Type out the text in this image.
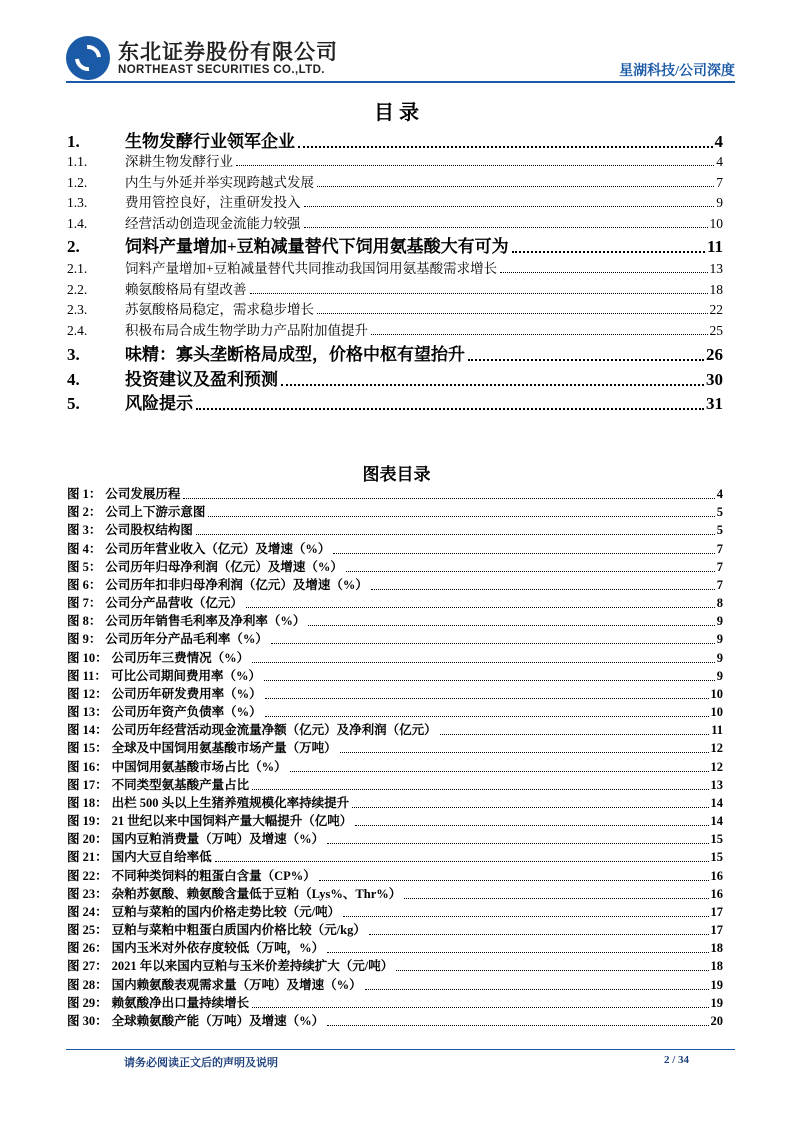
东北证券股份有限公司
NORTHEAST SECURITIES CO.,LTD.	星湖科技/公司深度
目 录
1.	生物发酵行业领军企业	4
1.1.	深耕生物发酵行业	4
1.2.	内生与外延并举实现跨越式发展	7
1.3.	费用管控良好，注重研发投入	9
1.4.	经营活动创造现金流能力较强	10
2.	饲料产量增加+豆粕减量替代下饲用氨基酸大有可为	11
2.1.	饲料产量增加+豆粕减量替代共同推动我国饲用氨基酸需求增长	13
2.2.	赖氨酸格局有望改善	18
2.3.	苏氨酸格局稳定，需求稳步增长	22
2.4.	积极布局合成生物学助力产品附加值提升	25
3.	味精：寡头垄断格局成型，价格中枢有望抬升	26
4.	投资建议及盈利预测	30
5.	风险提示	31
图表目录
图 1： 公司发展历程	4
图 2： 公司上下游示意图	5
图 3： 公司股权结构图	5
图 4： 公司历年营业收入（亿元）及增速（%）	7
图 5： 公司历年归母净利润（亿元）及增速（%）	7
图 6： 公司历年扣非归母净利润（亿元）及增速（%）	7
图 7： 公司分产品营收（亿元）	8
图 8： 公司历年销售毛利率及净利率（%）	9
图 9： 公司历年分产品毛利率（%）	9
图 10： 公司历年三费情况（%）	9
图 11： 可比公司期间费用率（%）	9
图 12： 公司历年研发费用率（%）	10
图 13： 公司历年资产负债率（%）	10
图 14： 公司历年经营活动现金流量净额（亿元）及净利润（亿元）	11
图 15： 全球及中国饲用氨基酸市场产量（万吨）	12
图 16： 中国饲用氨基酸市场占比（%）	12
图 17： 不同类型氨基酸产量占比	13
图 18： 出栏 500 头以上生猪养殖规模化率持续提升	14
图 19： 21 世纪以来中国饲料产量大幅提升（亿吨）	14
图 20： 国内豆粕消费量（万吨）及增速（%）	15
图 21： 国内大豆自给率低	15
图 22： 不同种类饲料的粗蛋白含量（CP%）	16
图 23： 杂粕苏氨酸、赖氨酸含量低于豆粕（Lys%、Thr%）	16
图 24： 豆粕与菜粕的国内价格走势比较（元/吨）	17
图 25： 豆粕与菜粕中粗蛋白质国内价格比较（元/kg）	17
图 26： 国内玉米对外依存度较低（万吨，%）	18
图 27： 2021 年以来国内豆粕与玉米价差持续扩大（元/吨）	18
图 28： 国内赖氨酸表观需求量（万吨）及增速（%）	19
图 29： 赖氨酸净出口量持续增长	19
图 30： 全球赖氨酸产能（万吨）及增速（%）	20
请务必阅读正文后的声明及说明	2 / 34
